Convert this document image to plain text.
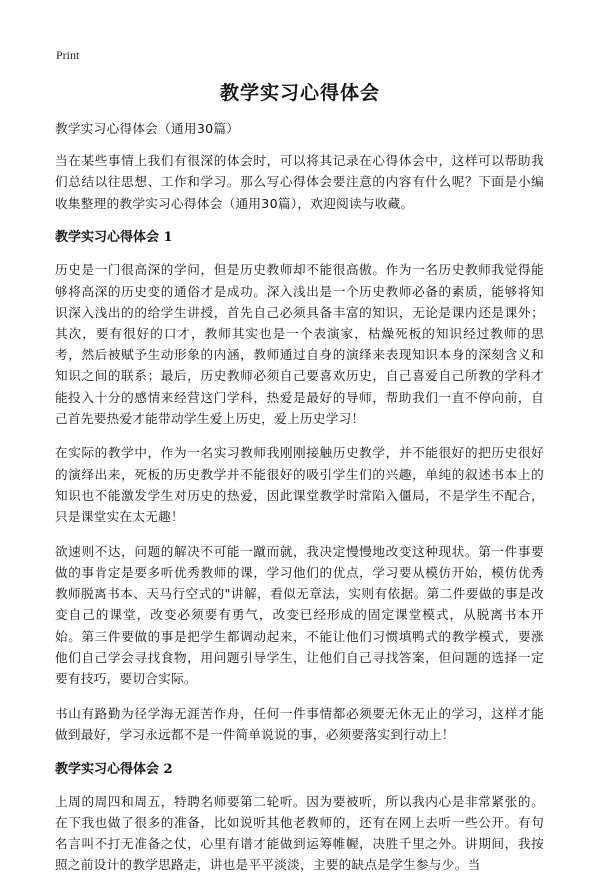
Print
教学实习心得体会

教学实习心得体会（通用30篇）

当在某些事情上我们有很深的体会时，可以将其记录在心得体会中，这样可以帮助我们总结以往思想、工作和学习。那么写心得体会要注意的内容有什么呢？下面是小编收集整理的教学实习心得体会（通用30篇），欢迎阅读与收藏。

教学实习心得体会 1

历史是一门很高深的学问，但是历史教师却不能很高傲。作为一名历史教师我觉得能够将高深的历史变的通俗才是成功。深入浅出是一个历史教师必备的素质，能够将知识深入浅出的的给学生讲授，首先自己必须具备丰富的知识，无论是课内还是课外；其次，要有很好的口才，教师其实也是一个表演家，枯燥死板的知识经过教师的思考，然后被赋予生动形象的内涵，教师通过自身的演绎来表现知识本身的深刻含义和知识之间的联系；最后，历史教师必须自己要喜欢历史，自己喜爱自己所教的学科才能投入十分的感情来经营这门学科，热爱是最好的导师，帮助我们一直不停向前，自己首先要热爱才能带动学生爱上历史，爱上历史学习！

在实际的教学中，作为一名实习教师我刚刚接触历史教学，并不能很好的把历史很好的演绎出来，死板的历史教学并不能很好的吸引学生们的兴趣，单纯的叙述书本上的知识也不能激发学生对历史的热爱，因此课堂教学时常陷入僵局，不是学生不配合，只是课堂实在太无趣！

欲速则不达，问题的解决不可能一蹴而就，我决定慢慢地改变这种现状。第一件事要做的事肯定是要多听优秀教师的课，学习他们的优点，学习要从模仿开始，模仿优秀教师脱离书本、天马行空式的"讲解，看似无章法，实则有依据。第二件要做的事是改变自己的课堂，改变必须要有勇气，改变已经形成的固定课堂模式，从脱离书本开始。第三件要做的事是把学生都调动起来，不能让他们习惯填鸭式的教学模式，要涨他们自己学会寻找食物，用问题引导学生，让他们自己寻找答案，但问题的选择一定要有技巧，要切合实际。

书山有路勤为径学海无涯苦作舟，任何一件事情都必须要无休无止的学习，这样才能做到最好，学习永远都不是一件简单说说的事，必须要落实到行动上！

教学实习心得体会 2

上周的周四和周五，特聘名师要第二轮听。因为要被听，所以我内心是非常紧张的。在下我也做了很多的准备，比如说听其他老教师的，还有在网上去听一些公开。有句名言叫不打无准备之仗，心里有谱才能做到运筹帷幄，决胜千里之外。讲期间，我按照之前设计的教学思路走，讲也是平平淡淡，主要的缺点是学生参与少。当
